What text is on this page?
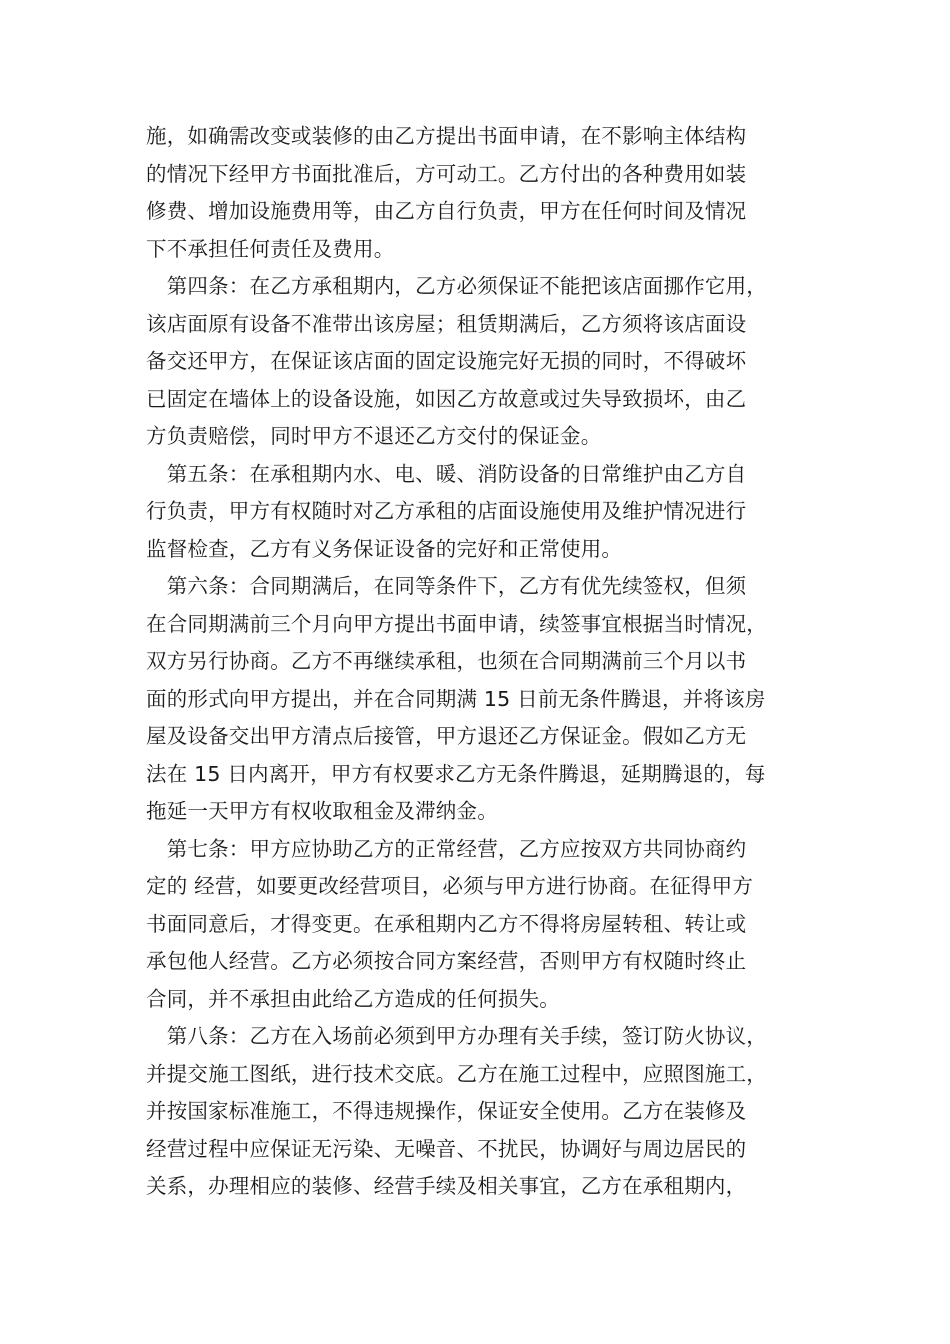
施，如确需改变或装修的由乙方提出书面申请，在不影响主体结构
的情况下经甲方书面批准后，方可动工。乙方付出的各种费用如装
修费、增加设施费用等，由乙方自行负责，甲方在任何时间及情况
下不承担任何责任及费用。
　第四条：在乙方承租期内，乙方必须保证不能把该店面挪作它用，
该店面原有设备不准带出该房屋；租赁期满后，乙方须将该店面设
备交还甲方，在保证该店面的固定设施完好无损的同时，不得破坏
已固定在墙体上的设备设施，如因乙方故意或过失导致损坏，由乙
方负责赔偿，同时甲方不退还乙方交付的保证金。
　第五条：在承租期内水、电、暖、消防设备的日常维护由乙方自
行负责，甲方有权随时对乙方承租的店面设施使用及维护情况进行
监督检查，乙方有义务保证设备的完好和正常使用。
　第六条：合同期满后，在同等条件下，乙方有优先续签权，但须
在合同期满前三个月向甲方提出书面申请，续签事宜根据当时情况，
双方另行协商。乙方不再继续承租，也须在合同期满前三个月以书
面的形式向甲方提出，并在合同期满 15 日前无条件腾退，并将该房
屋及设备交出甲方清点后接管，甲方退还乙方保证金。假如乙方无
法在 15 日内离开，甲方有权要求乙方无条件腾退，延期腾退的，每
拖延一天甲方有权收取租金及滞纳金。
　第七条：甲方应协助乙方的正常经营，乙方应按双方共同协商约
定的 经营，如要更改经营项目，必须与甲方进行协商。在征得甲方
书面同意后，才得变更。在承租期内乙方不得将房屋转租、转让或
承包他人经营。乙方必须按合同方案经营，否则甲方有权随时终止
合同，并不承担由此给乙方造成的任何损失。
　第八条：乙方在入场前必须到甲方办理有关手续，签订防火协议，
并提交施工图纸，进行技术交底。乙方在施工过程中，应照图施工，
并按国家标准施工，不得违规操作，保证安全使用。乙方在装修及
经营过程中应保证无污染、无噪音、不扰民，协调好与周边居民的
关系，办理相应的装修、经营手续及相关事宜，乙方在承租期内，
